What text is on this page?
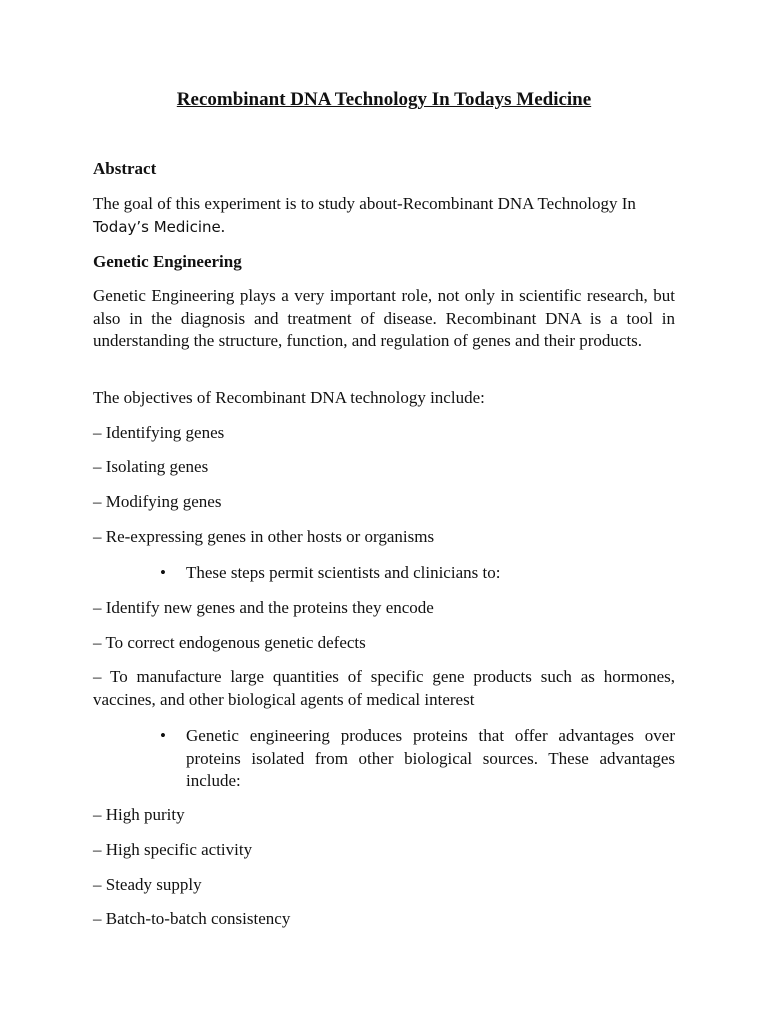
Recombinant DNA Technology In Todays Medicine
Abstract
The goal of this experiment is to study about-Recombinant DNA Technology In
Today’s Medicine.
Genetic Engineering
Genetic Engineering plays a very important role, not only in scientific research, but also in the diagnosis and treatment of disease. Recombinant DNA is a tool in understanding the structure, function, and regulation of genes and their products.
The objectives of Recombinant DNA technology include:
– Identifying genes
– Isolating genes
– Modifying genes
– Re-expressing genes in other hosts or organisms
•	These steps permit scientists and clinicians to:
– Identify new genes and the proteins they encode
– To correct endogenous genetic defects
– To manufacture large quantities of specific gene products such as hormones, vaccines, and other biological agents of medical interest
•	Genetic engineering produces proteins that offer advantages over proteins isolated from other biological sources. These advantages include:
– High purity
– High specific activity
– Steady supply
– Batch-to-batch consistency
